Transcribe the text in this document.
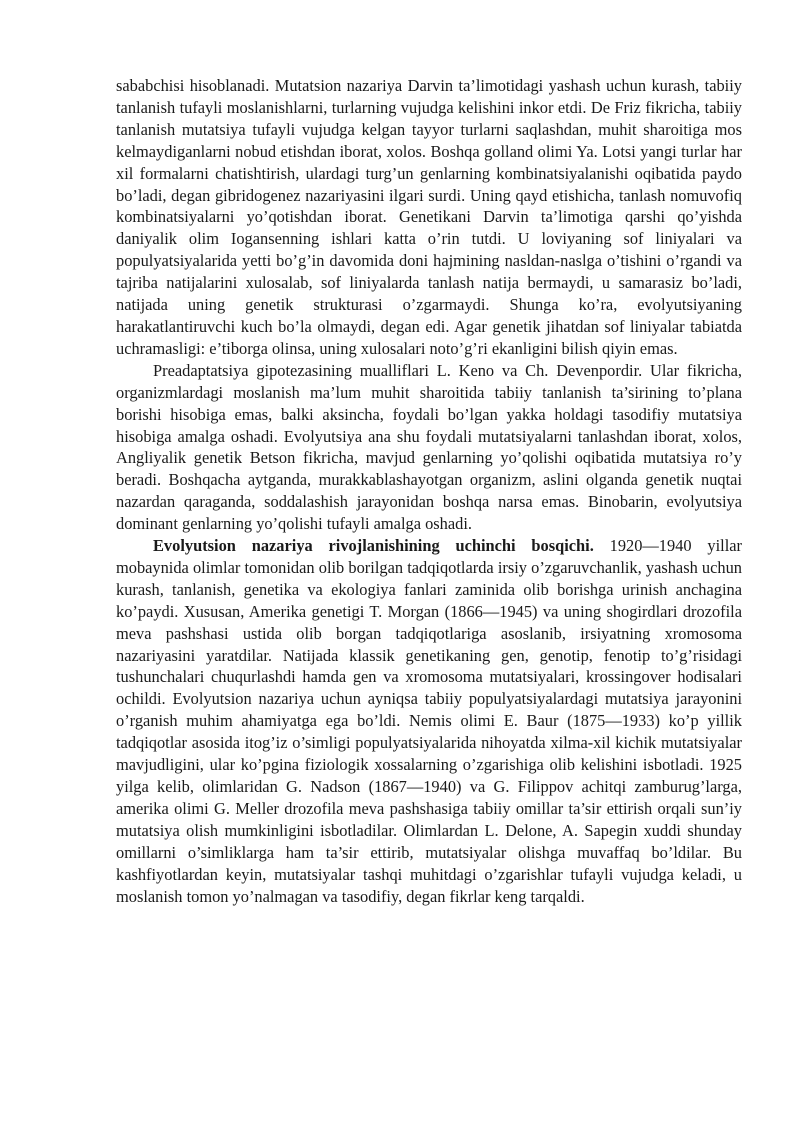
sababchisi hisoblanadi. Mutatsion nazariya Darvin ta’limotidagi yashash uchun kurash, tabiiy tanlanish tufayli moslanishlarni, turlarning vujudga kelishini inkor etdi. De Friz fikricha, tabiiy tanlanish mutatsiya tufayli vujudga kelgan tayyor turlarni saqlashdan, muhit sharoitiga mos kelmaydiganlarni nobud etishdan iborat, xolos. Boshqa golland olimi Ya. Lotsi yangi turlar har xil formalarni chatishtirish, ulardagi turg’un genlarning kombinatsiyalanishi oqibatida paydo bo’ladi, degan gibridogenez nazariyasini ilgari surdi. Uning qayd etishicha, tanlash nomuvofiq kombinatsiyalarni yo’qotishdan iborat. Genetikani Darvin ta’limotiga qarshi qo’yishda daniyalik olim Iogansenning ishlari katta o’rin tutdi. U loviyaning sof liniyalari va populyatsiyalarida yetti bo’g’in davomida doni hajmining nasldan-naslga o’tishini o’rgandi va tajriba natijalarini xulosalab, sof liniyalarda tanlash natija bermaydi, u samarasiz bo’ladi, natijada uning genetik strukturasi o’zgarmaydi. Shunga ko’ra, evolyutsiyaning harakatlantiruvchi kuch bo’la olmaydi, degan edi. Agar genetik jihatdan sof liniyalar tabiatda uchramasligi: e’tiborga olinsa, uning xulosalari noto’g’ri ekanligini bilish qiyin emas.

Preadaptatsiya gipotezasining mualliflari L. Keno va Ch. Devenpordir. Ular fikricha, organizmlardagi moslanish ma’lum muhit sharoitida tabiiy tanlanish ta’sirining to’plana borishi hisobiga emas, balki aksincha, foydali bo’lgan yakka holdagi tasodifiy mutatsiya hisobiga amalga oshadi. Evolyutsiya ana shu foydali mutatsiyalarni tanlashdan iborat, xolos, Angliyalik genetik Betson fikricha, mavjud genlarning yo’qolishi oqibatida mutatsiya ro’y beradi. Boshqacha aytganda, murakkablashayotgan organizm, aslini olganda genetik nuqtai nazardan qaraganda, soddalashish jarayonidan boshqa narsa emas. Binobarin, evolyutsiya dominant genlarning yo’qolishi tufayli amalga oshadi.

Evolyutsion nazariya rivojlanishining uchinchi bosqichi. 1920—1940 yillar mobaynida olimlar tomonidan olib borilgan tadqiqotlarda irsiy o’zgaruvchanlik, yashash uchun kurash, tanlanish, genetika va ekologiya fanlari zaminida olib borishga urinish anchagina ko’paydi. Xususan, Amerika genetigi T. Morgan (1866—1945) va uning shogirdlari drozofila meva pashshasi ustida olib borgan tadqiqotlariga asoslanib, irsiyatning xromosoma nazariyasini yaratdilar. Natijada klassik genetikaning gen, genotip, fenotip to’g’risidagi tushunchalari chuqurlashdi hamda gen va xromosoma mutatsiyalari, krossingover hodisalari ochildi. Evolyutsion nazariya uchun ayniqsa tabiiy populyatsiyalardagi mutatsiya jarayonini o’rganish muhim ahamiyatga ega bo’ldi. Nemis olimi E. Baur (1875—1933) ko’p yillik tadqiqotlar asosida itog’iz o’simligi populyatsiyalarida nihoyatda xilma-xil kichik mutatsiyalar mavjudligini, ular ko’pgina fiziologik xossalarning o’zgarishiga olib kelishini isbotladi. 1925 yilga kelib, olimlaridan G. Nadson (1867—1940) va G. Filippov achitqi zamburug’larga, amerika olimi G. Meller drozofila meva pashshasiga tabiiy omillar ta’sir ettirish orqali sun’iy mutatsiya olish mumkinligini isbotladilar. Olimlardan L. Delone, A. Sapegin xuddi shunday omillarni o’simliklarga ham ta’sir ettirib, mutatsiyalar olishga muvaffaq bo’ldilar. Bu kashfiyotlardan keyin, mutatsiyalar tashqi muhitdagi o’zgarishlar tufayli vujudga keladi, u moslanish tomon yo’nalmagan va tasodifiy, degan fikrlar keng tarqaldi.
